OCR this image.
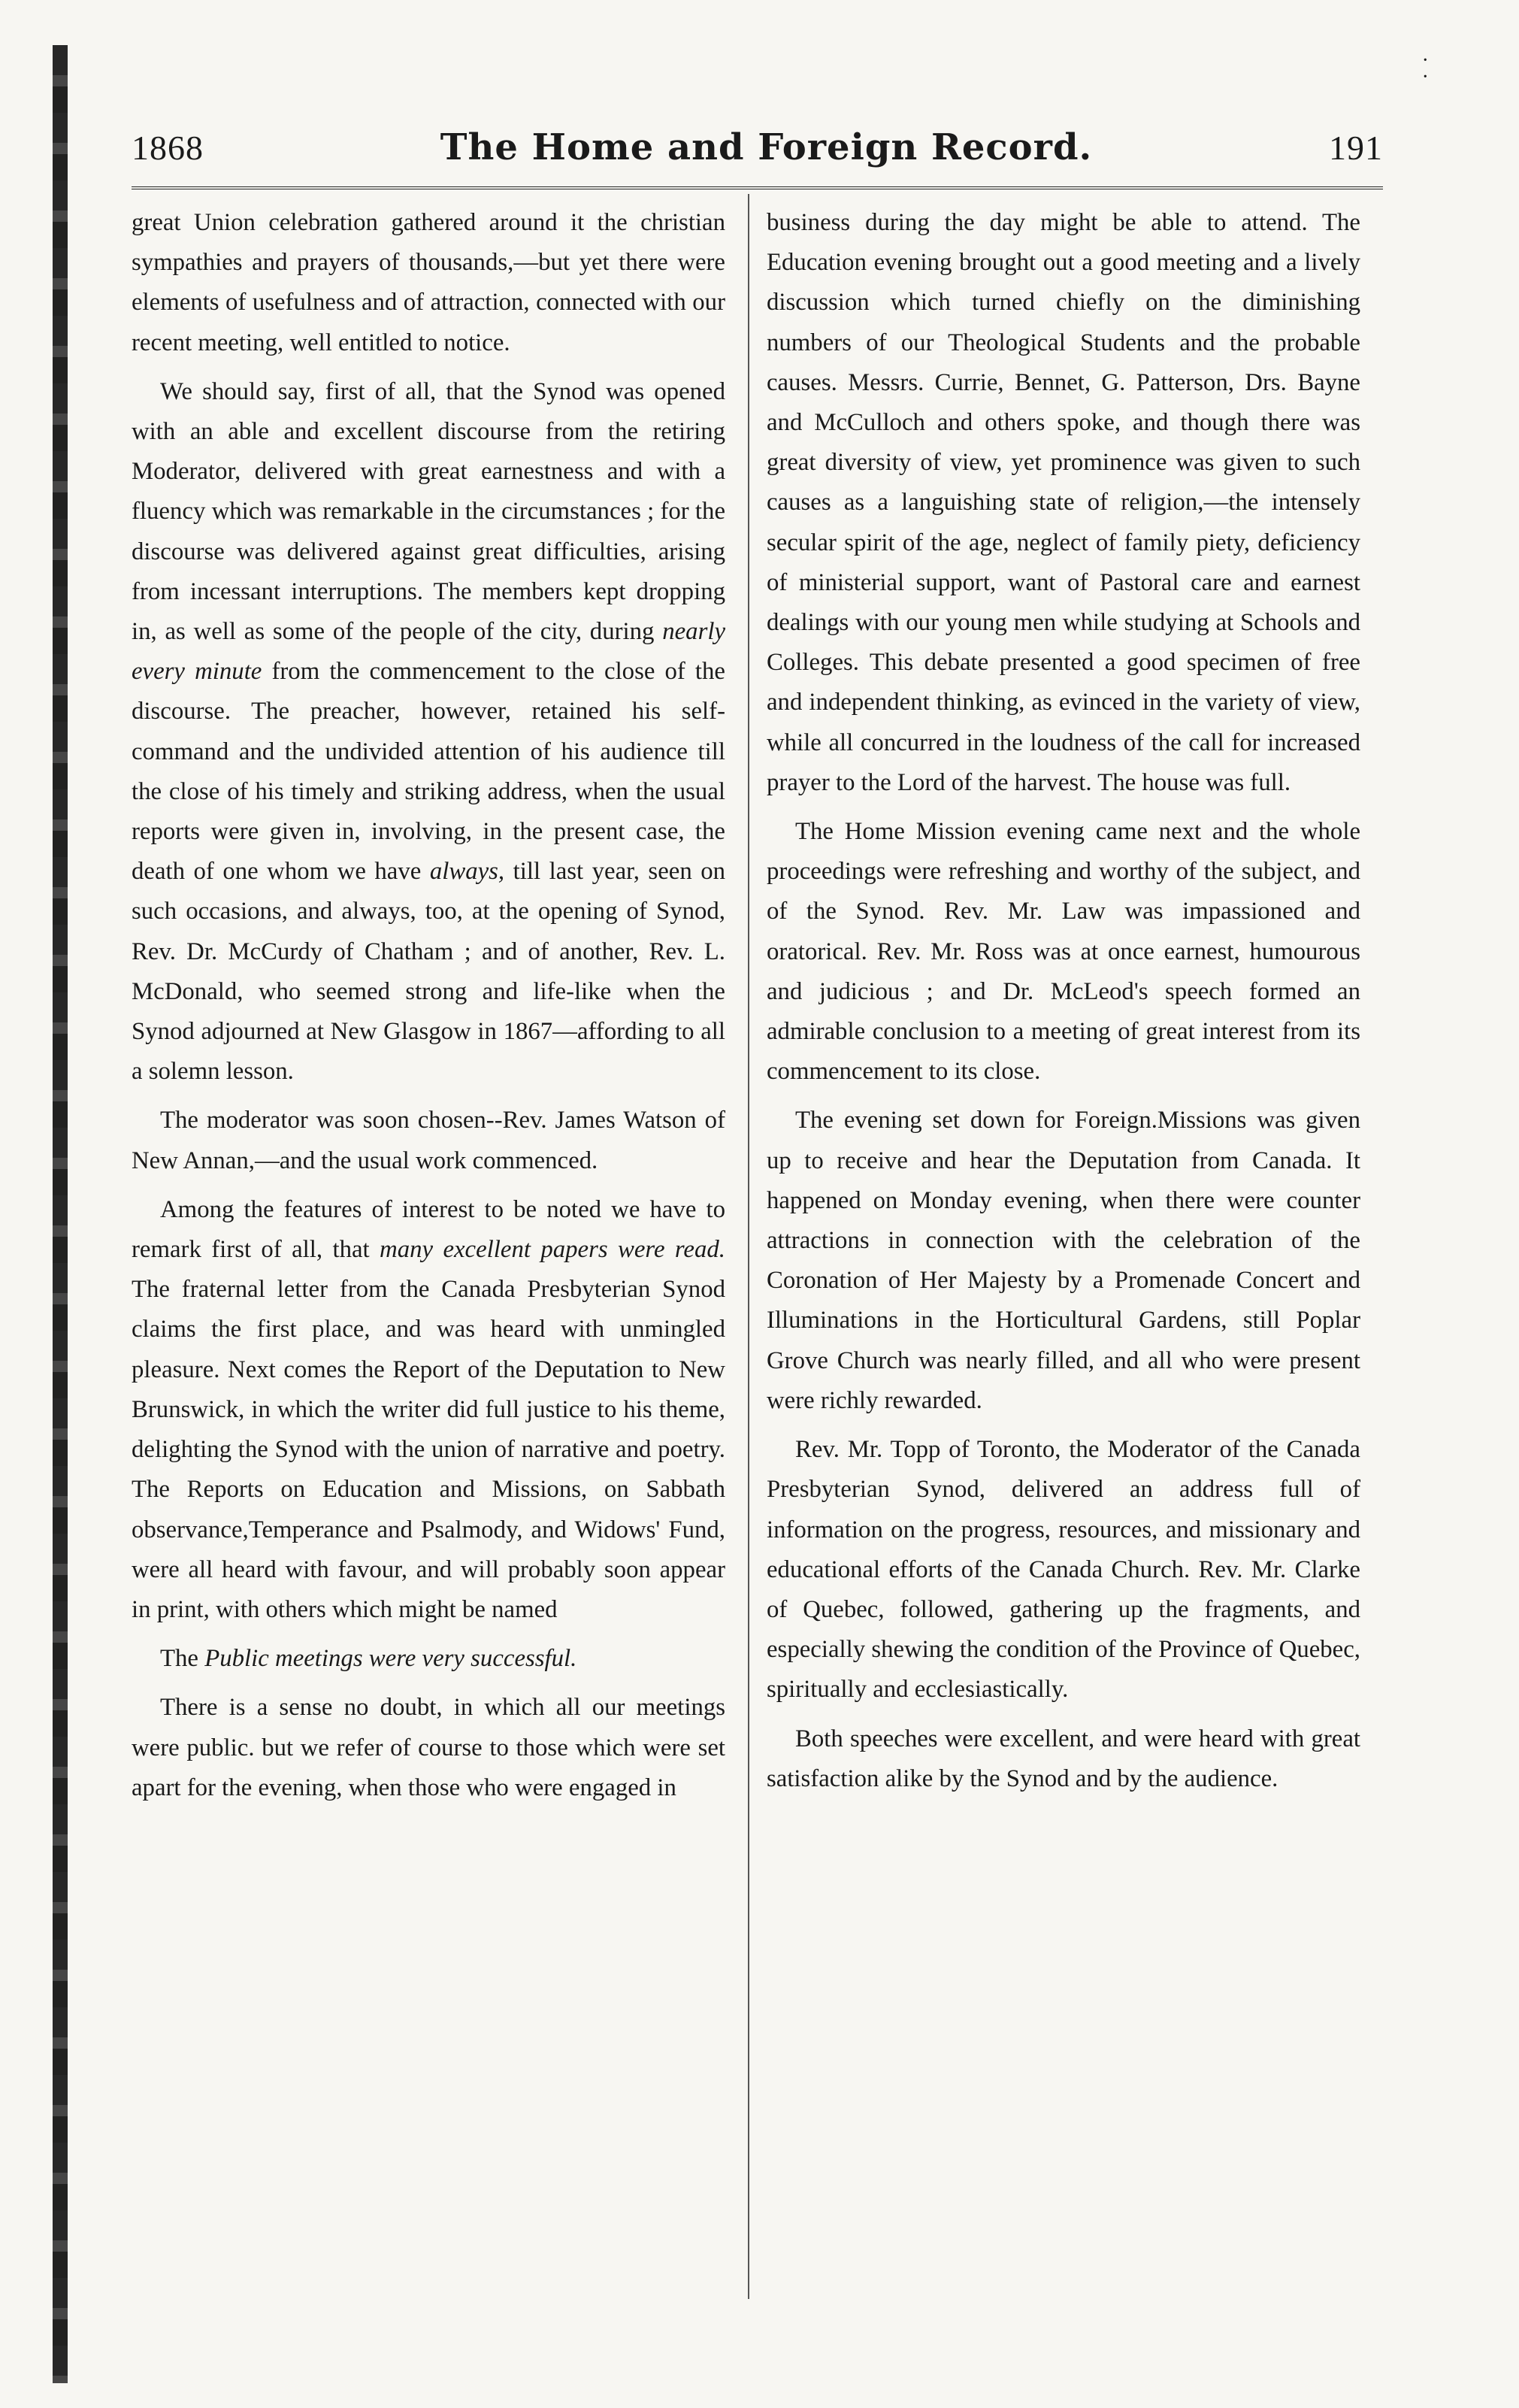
·
·
1868	The Home and Foreign Record.	191

great Union celebration gathered around it the christian sympathies and prayers of thousands,—but yet there were elements of usefulness and of attraction, connected with our recent meeting, well entitled to notice.

We should say, first of all, that the Synod was opened with an able and excellent discourse from the retiring Moderator, delivered with great earnestness and with a fluency which was remarkable in the circumstances ; for the discourse was delivered against great difficulties, arising from incessant interruptions. The members kept dropping in, as well as some of the people of the city, during nearly every minute from the commencement to the close of the discourse. The preacher, however, retained his self-command and the undivided attention of his audience till the close of his timely and striking address, when the usual reports were given in, involving, in the present case, the death of one whom we have always, till last year, seen on such occasions, and always, too, at the opening of Synod, Rev. Dr. McCurdy of Chatham ; and of another, Rev. L. McDonald, who seemed strong and life-like when the Synod adjourned at New Glasgow in 1867—affording to all a solemn lesson.

The moderator was soon chosen--Rev. James Watson of New Annan,—and the usual work commenced.

Among the features of interest to be noted we have to remark first of all, that many excellent papers were read. The fraternal letter from the Canada Presbyterian Synod claims the first place, and was heard with unmingled pleasure. Next comes the Report of the Deputation to New Brunswick, in which the writer did full justice to his theme, delighting the Synod with the union of narrative and poetry. The Reports on Education and Missions, on Sabbath observance,Temperance and Psalmody, and Widows' Fund, were all heard with favour, and will probably soon appear in print, with others which might be named

The Public meetings were very successful.

There is a sense no doubt, in which all our meetings were public. but we refer of course to those which were set apart for the evening, when those who were engaged in

business during the day might be able to attend. The Education evening brought out a good meeting and a lively discussion which turned chiefly on the diminishing numbers of our Theological Students and the probable causes. Messrs. Currie, Bennet, G. Patterson, Drs. Bayne and McCulloch and others spoke, and though there was great diversity of view, yet prominence was given to such causes as a languishing state of religion,—the intensely secular spirit of the age, neglect of family piety, deficiency of ministerial support, want of Pastoral care and earnest dealings with our young men while studying at Schools and Colleges. This debate presented a good specimen of free and independent thinking, as evinced in the variety of view, while all concurred in the loudness of the call for increased prayer to the Lord of the harvest. The house was full.

The Home Mission evening came next and the whole proceedings were refreshing and worthy of the subject, and of the Synod. Rev. Mr. Law was impassioned and oratorical. Rev. Mr. Ross was at once earnest, humourous and judicious ; and Dr. McLeod's speech formed an admirable conclusion to a meeting of great interest from its commencement to its close.

The evening set down for Foreign.Missions was given up to receive and hear the Deputation from Canada. It happened on Monday evening, when there were counter attractions in connection with the celebration of the Coronation of Her Majesty by a Promenade Concert and Illuminations in the Horticultural Gardens, still Poplar Grove Church was nearly filled, and all who were present were richly rewarded.

Rev. Mr. Topp of Toronto, the Moderator of the Canada Presbyterian Synod, delivered an address full of information on the progress, resources, and missionary and educational efforts of the Canada Church. Rev. Mr. Clarke of Quebec, followed, gathering up the fragments, and especially shewing the condition of the Province of Quebec, spiritually and ecclesiastically.

Both speeches were excellent, and were heard with great satisfaction alike by the Synod and by the audience.
